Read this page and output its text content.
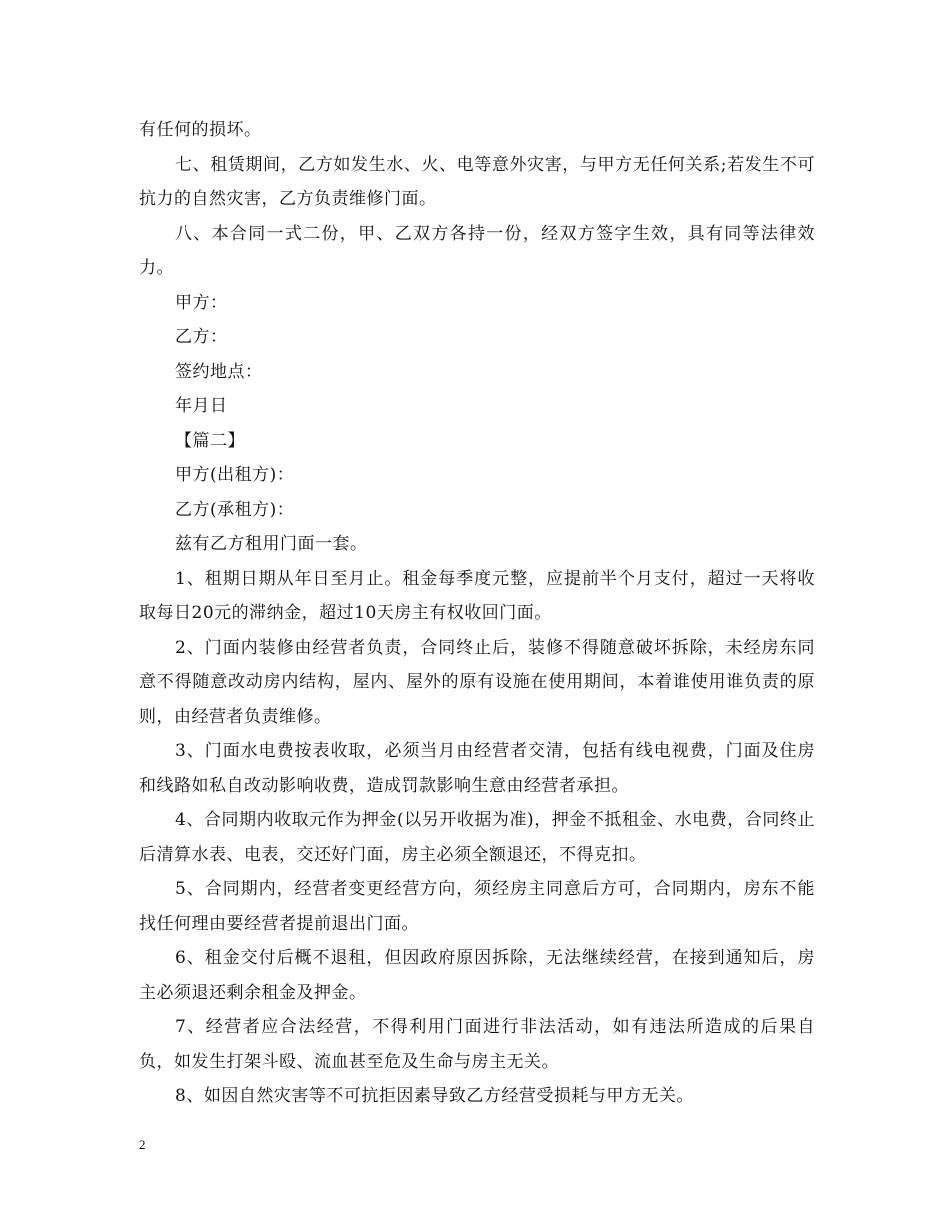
有任何的损坏。

七、租赁期间，乙方如发生水、火、电等意外灾害，与甲方无任何关系;若发生不可抗力的自然灾害，乙方负责维修门面。

八、本合同一式二份，甲、乙双方各持一份，经双方签字生效，具有同等法律效力。

甲方：

乙方：

签约地点：

年月日

【篇二】

甲方(出租方)：

乙方(承租方)：

兹有乙方租用门面一套。

1、租期日期从年日至月止。租金每季度元整，应提前半个月支付，超过一天将收取每日20元的滞纳金，超过10天房主有权收回门面。

2、门面内装修由经营者负责，合同终止后，装修不得随意破坏拆除，未经房东同意不得随意改动房内结构，屋内、屋外的原有设施在使用期间，本着谁使用谁负责的原则，由经营者负责维修。

3、门面水电费按表收取，必须当月由经营者交清，包括有线电视费，门面及住房和线路如私自改动影响收费，造成罚款影响生意由经营者承担。

4、合同期内收取元作为押金(以另开收据为准)，押金不抵租金、水电费，合同终止后清算水表、电表，交还好门面，房主必须全额退还，不得克扣。

5、合同期内，经营者变更经营方向，须经房主同意后方可，合同期内，房东不能找任何理由要经营者提前退出门面。

6、租金交付后概不退租，但因政府原因拆除，无法继续经营，在接到通知后，房主必须退还剩余租金及押金。

7、经营者应合法经营，不得利用门面进行非法活动，如有违法所造成的后果自负，如发生打架斗殴、流血甚至危及生命与房主无关。

8、如因自然灾害等不可抗拒因素导致乙方经营受损耗与甲方无关。

2
